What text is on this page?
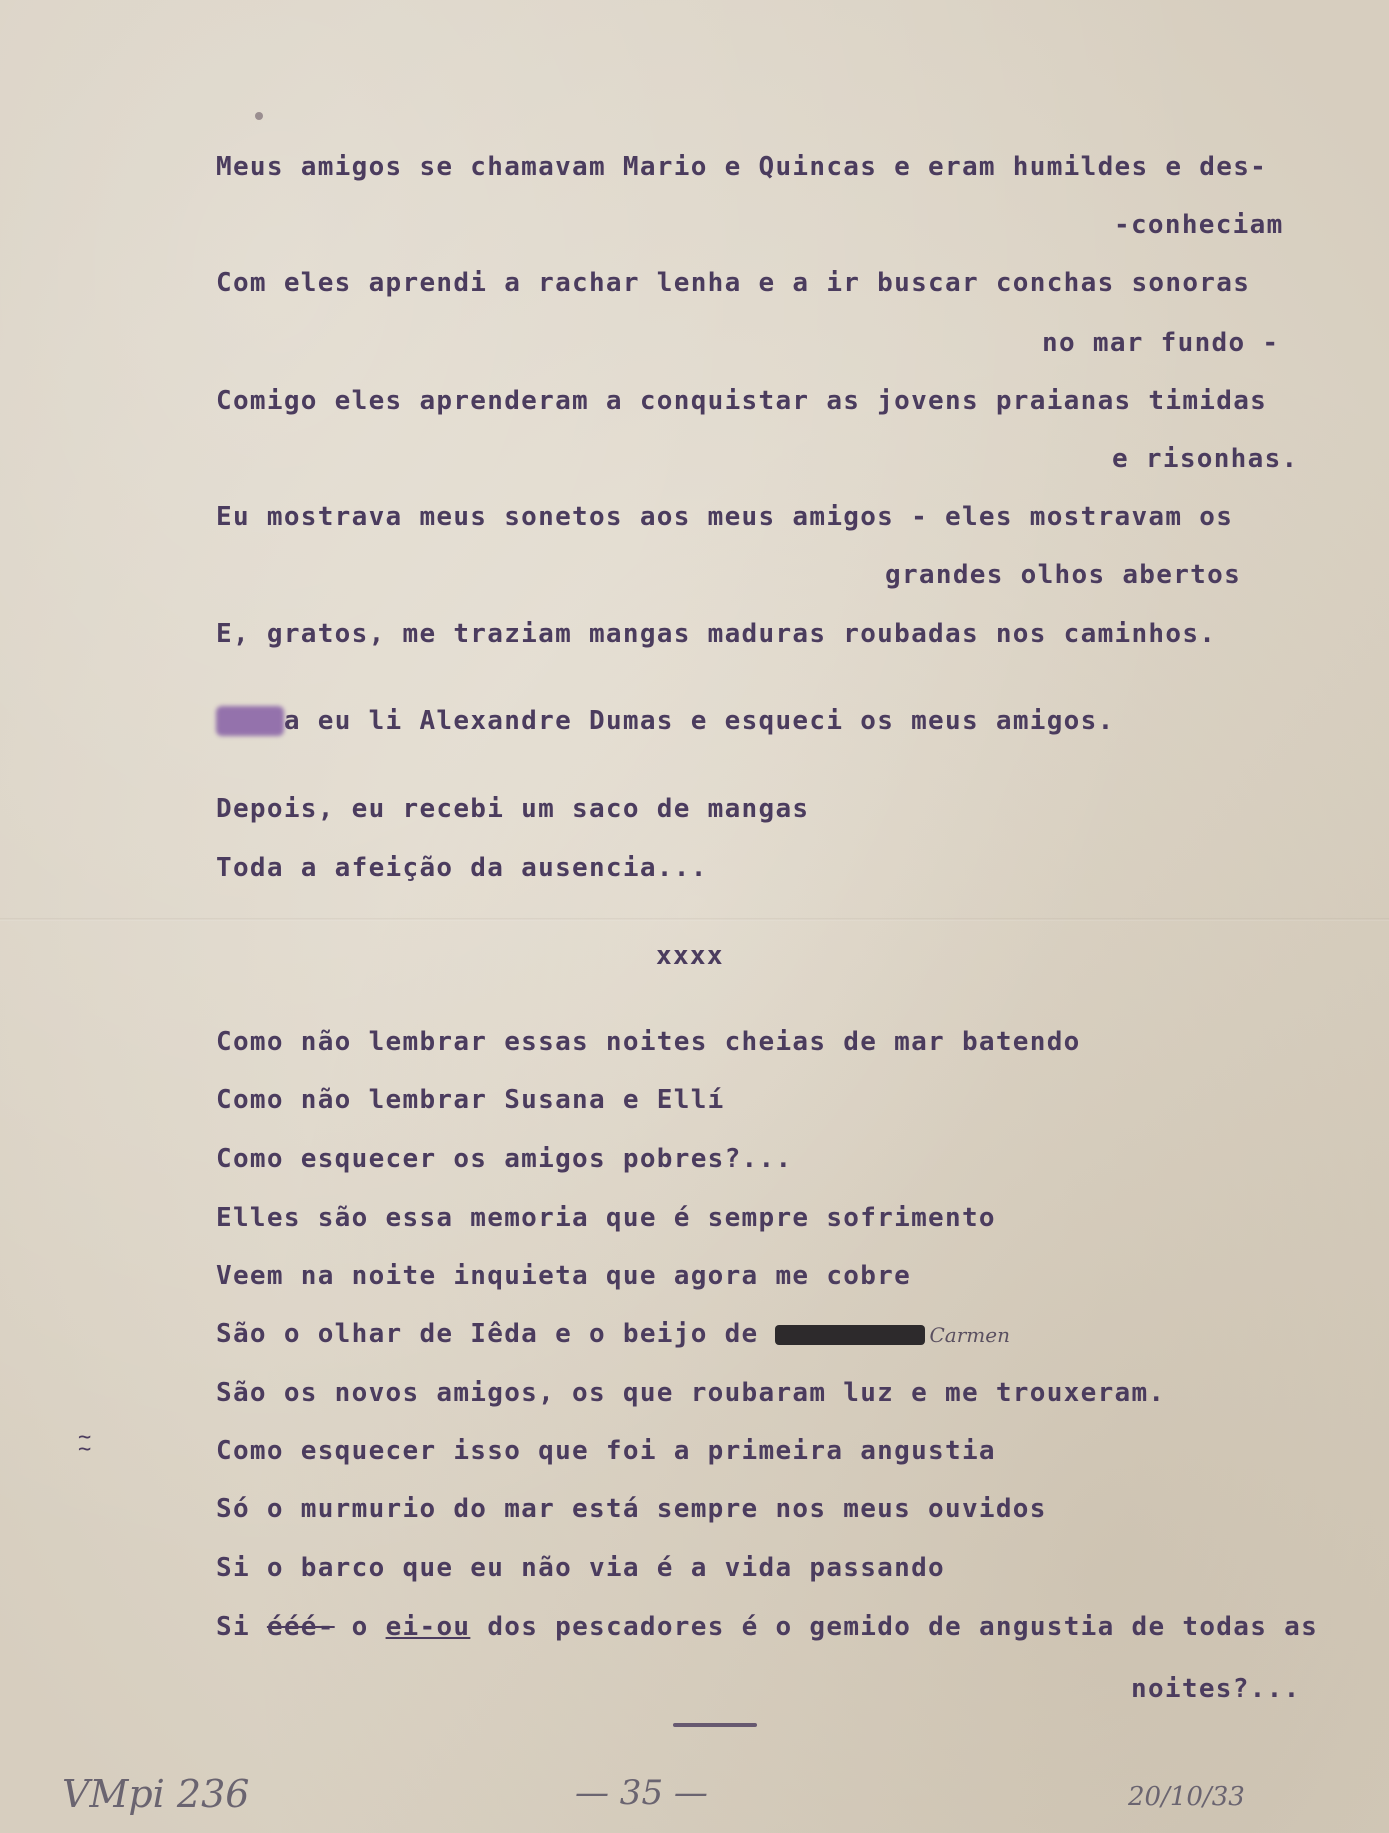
Meus amigos se chamavam Mario e Quincas e eram humildes e des-
-conheciam
Com eles aprendi a rachar lenha e a ir buscar conchas sonoras
no mar fundo -
Comigo eles aprenderam a conquistar as jovens praianas timidas
e risonhas.
Eu mostrava meus sonetos aos meus amigos - eles mostravam os
grandes olhos abertos
E, gratos, me traziam mangas maduras roubadas nos caminhos.
Umdia eu li Alexandre Dumas e esqueci os meus amigos.
Depois, eu recebi um saco de mangas
Toda a afeição da ausencia...
xxxx
Como não lembrar essas noites cheias de mar batendo
Como não lembrar Susana e Ellí
Como esquecer os amigos pobres?...
Elles são essa memoria que é sempre sofrimento
Veem na noite inquieta que agora me cobre
São o olhar de Iêda e o beijo de	Carmen
São os novos amigos, os que roubaram luz e me trouxeram.
Como esquecer isso que foi a primeira angustia
Só o murmurio do mar está sempre nos meus ouvidos
Si o barco que eu não via é a vida passando
Si ééé- o ei-ou dos pescadores é o gemido de angustia de todas as
noites?...
~
~
VMpi 236	— 35 —	20/10/33
